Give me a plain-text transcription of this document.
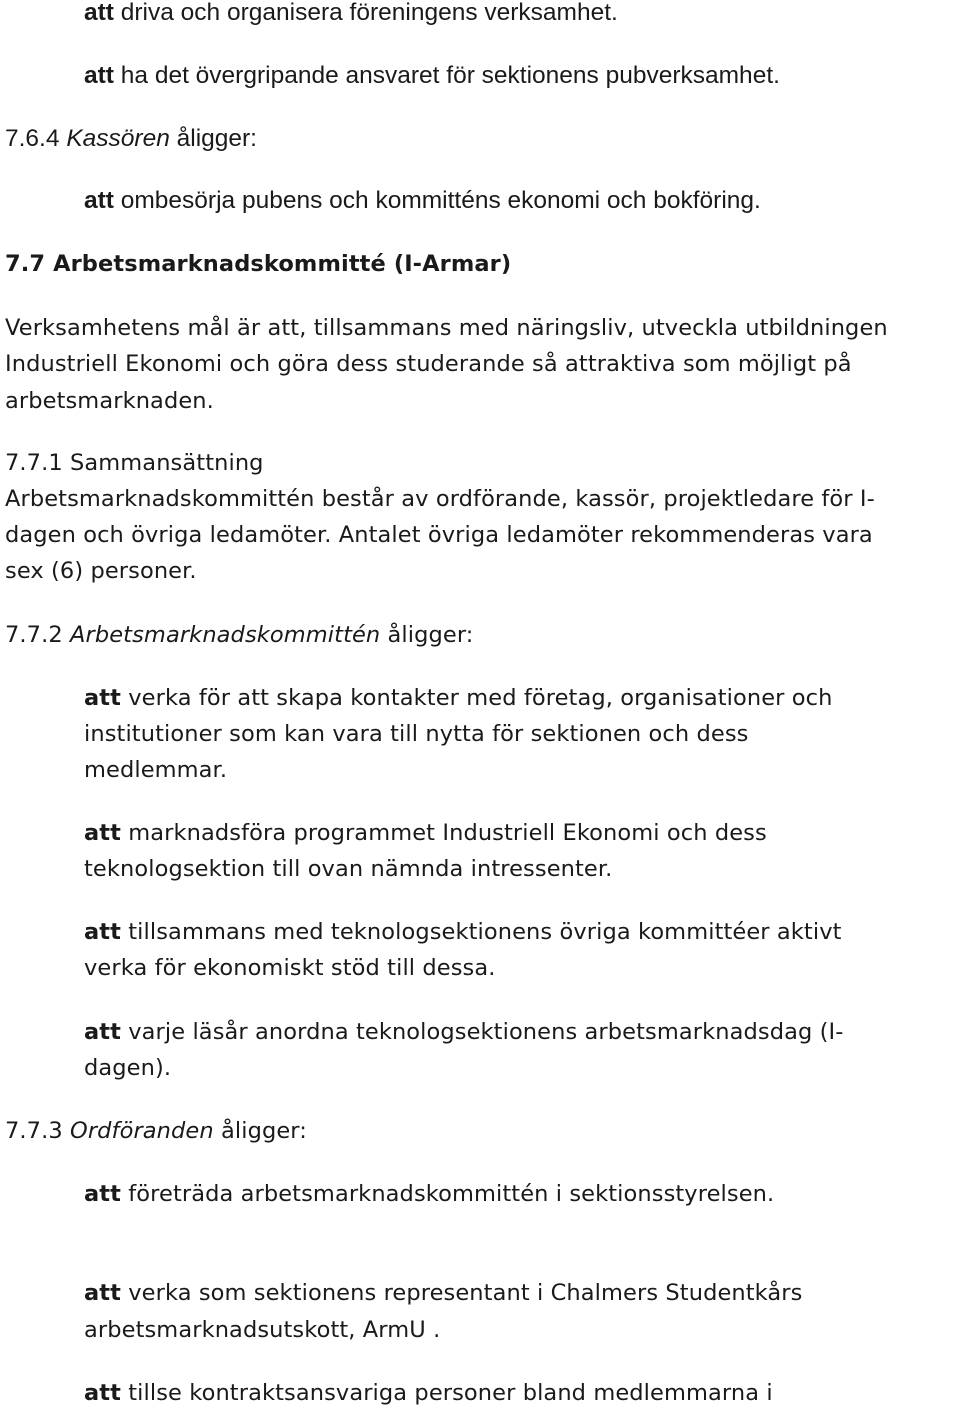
att driva och organisera föreningens verksamhet.
att ha det övergripande ansvaret för sektionens pubverksamhet.
7.6.4 Kassören åligger:
att ombesörja pubens och kommitténs ekonomi och bokföring.
7.7 Arbetsmarknadskommitté (I-Armar)
Verksamhetens mål är att, tillsammans med näringsliv, utveckla utbildningen
Industriell Ekonomi och göra dess studerande så attraktiva som möjligt på
arbetsmarknaden.
7.7.1 Sammansättning
Arbetsmarknadskommittén består av ordförande, kassör, projektledare för I-
dagen och övriga ledamöter. Antalet övriga ledamöter rekommenderas vara
sex (6) personer.
7.7.2 Arbetsmarknadskommittén åligger:
att verka för att skapa kontakter med företag, organisationer och
institutioner som kan vara till nytta för sektionen och dess
medlemmar.
att marknadsföra programmet Industriell Ekonomi och dess
teknologsektion till ovan nämnda intressenter.
att tillsammans med teknologsektionens övriga kommittéer aktivt
verka för ekonomiskt stöd till dessa.
att varje läsår anordna teknologsektionens arbetsmarknadsdag (I-
dagen).
7.7.3 Ordföranden åligger:
att företräda arbetsmarknadskommittén i sektionsstyrelsen.
att verka som sektionens representant i Chalmers Studentkårs
arbetsmarknadsutskott, ArmU .
att tillse kontraktsansvariga personer bland medlemmarna i
